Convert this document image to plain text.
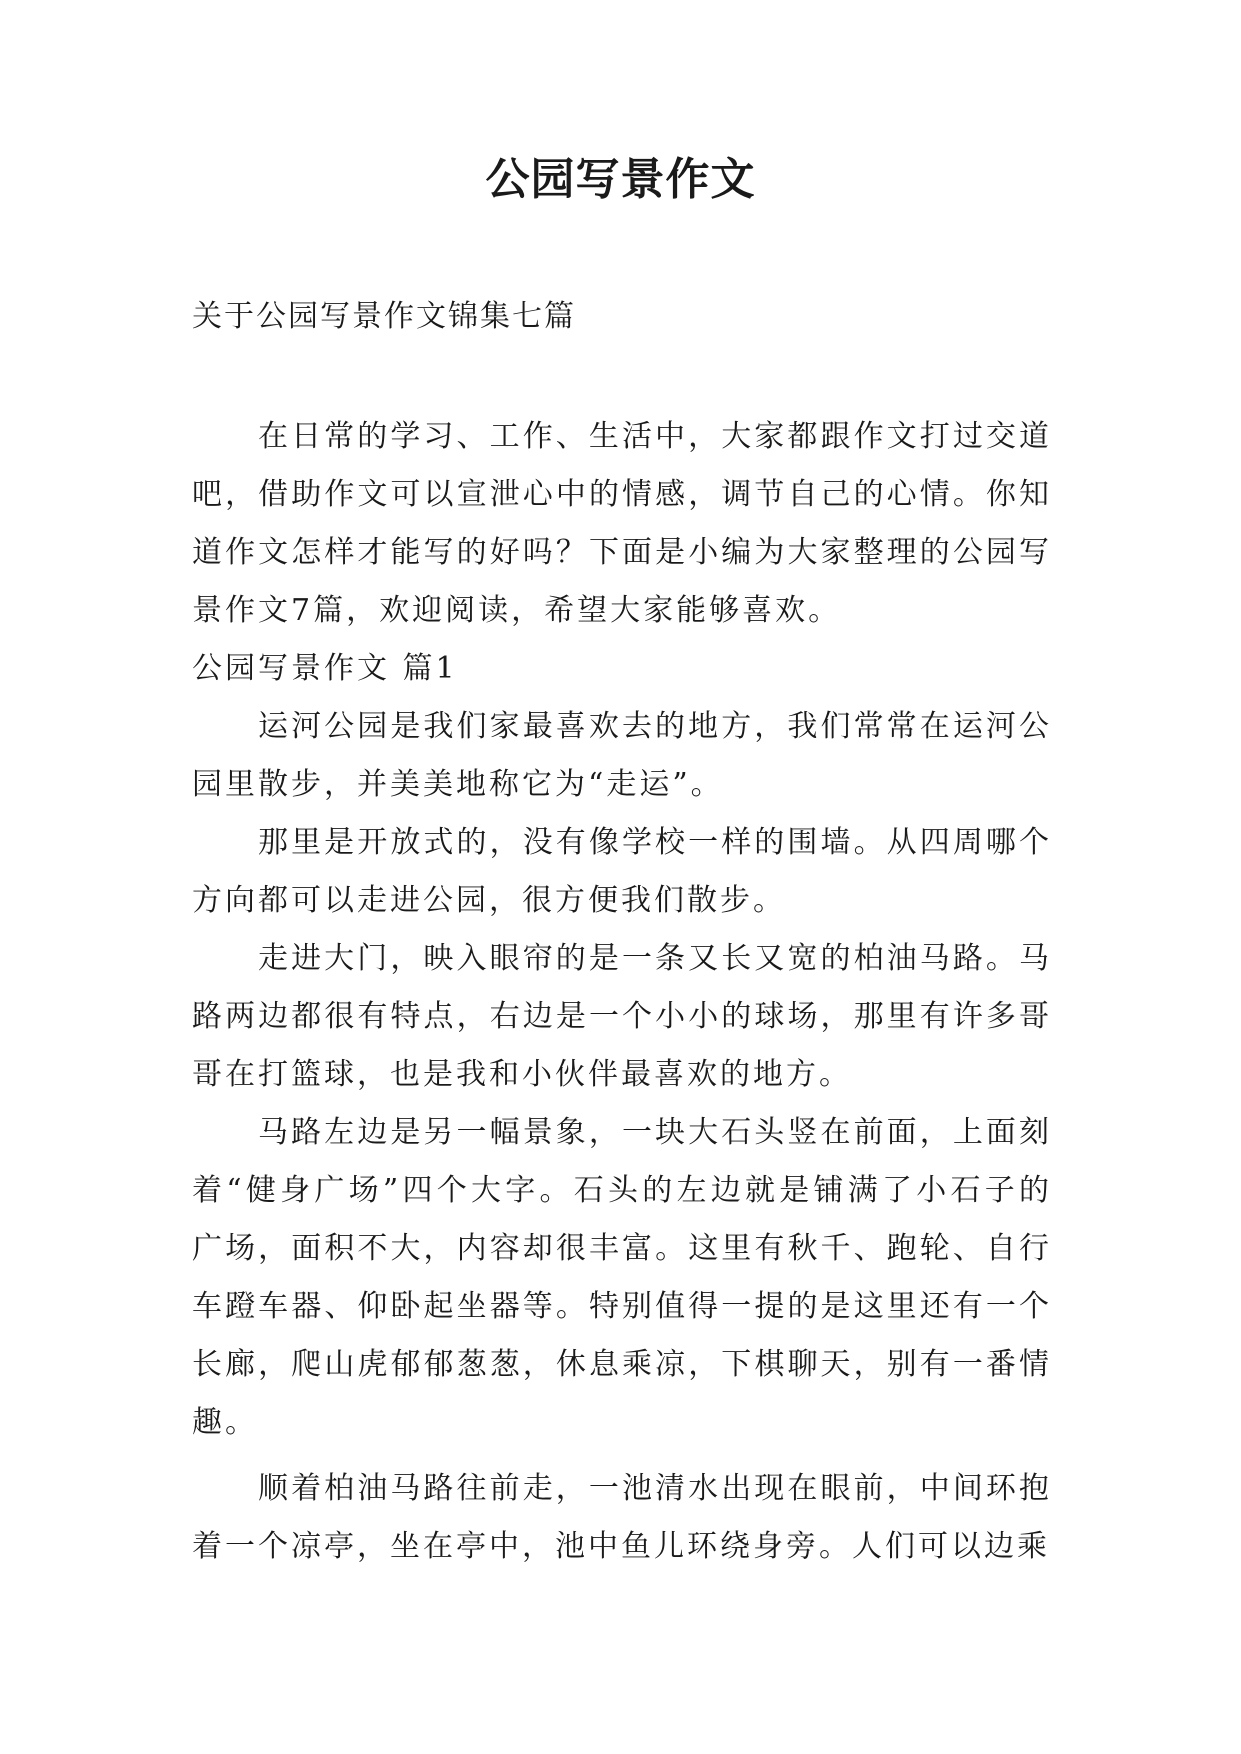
公园写景作文

关于公园写景作文锦集七篇

在日常的学习、工作、生活中，大家都跟作文打过交道吧，借助作文可以宣泄心中的情感，调节自己的心情。你知道作文怎样才能写的好吗？下面是小编为大家整理的公园写景作文7篇，欢迎阅读，希望大家能够喜欢。

公园写景作文 篇1

运河公园是我们家最喜欢去的地方，我们常常在运河公园里散步，并美美地称它为“走运”。

那里是开放式的，没有像学校一样的围墙。从四周哪个方向都可以走进公园，很方便我们散步。

走进大门，映入眼帘的是一条又长又宽的柏油马路。马路两边都很有特点，右边是一个小小的球场，那里有许多哥哥在打篮球，也是我和小伙伴最喜欢的地方。

马路左边是另一幅景象，一块大石头竖在前面，上面刻着“健身广场”四个大字。石头的左边就是铺满了小石子的广场，面积不大，内容却很丰富。这里有秋千、跑轮、自行车蹬车器、仰卧起坐器等。特别值得一提的是这里还有一个长廊，爬山虎郁郁葱葱，休息乘凉，下棋聊天，别有一番情趣。

顺着柏油马路往前走，一池清水出现在眼前，中间环抱着一个凉亭，坐在亭中，池中鱼儿环绕身旁。人们可以边乘
